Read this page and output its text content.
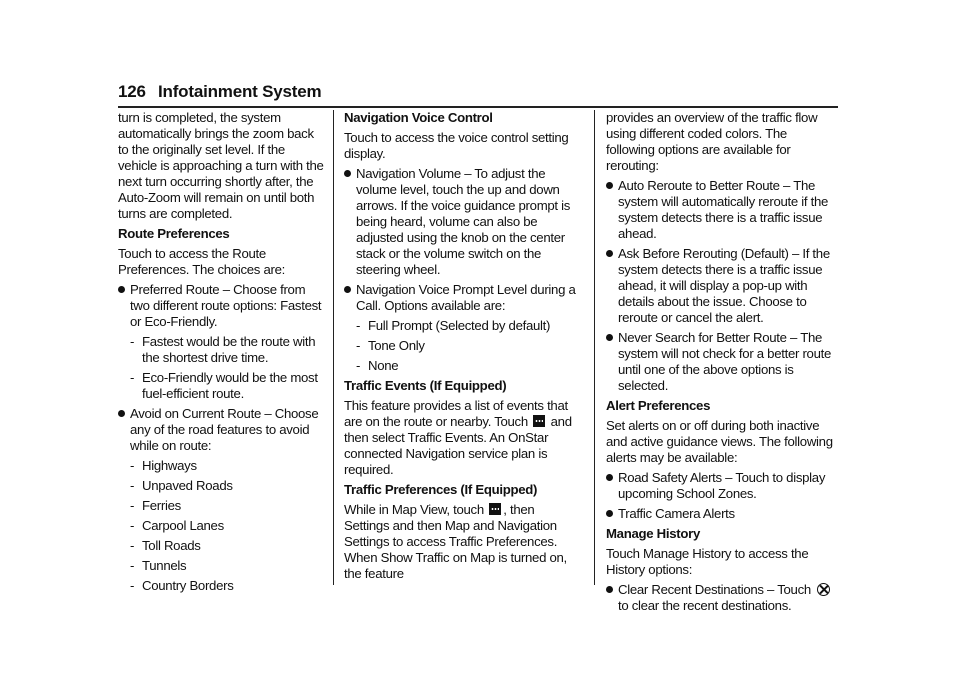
126 Infotainment System

turn is completed, the system automatically brings the zoom back to the originally set level. If the vehicle is approaching a turn with the next turn occurring shortly after, the Auto-Zoom will remain on until both turns are completed.

Route Preferences

Touch to access the Route Preferences. The choices are:

Preferred Route – Choose from two different route options: Fastest or Eco-Friendly.
- Fastest would be the route with the shortest drive time.
- Eco-Friendly would be the most fuel-efficient route.
Avoid on Current Route – Choose any of the road features to avoid while on route:
- Highways
- Unpaved Roads
- Ferries
- Carpool Lanes
- Toll Roads
- Tunnels
- Country Borders

Navigation Voice Control

Touch to access the voice control setting display.

Navigation Volume – To adjust the volume level, touch the up and down arrows. If the voice guidance prompt is being heard, volume can also be adjusted using the knob on the center stack or the volume switch on the steering wheel.
Navigation Voice Prompt Level during a Call. Options available are:
- Full Prompt (Selected by default)
- Tone Only
- None

Traffic Events (If Equipped)

This feature provides a list of events that are on the route or nearby. Touch and then select Traffic Events. An OnStar connected Navigation service plan is required.

Traffic Preferences (If Equipped)

While in Map View, touch , then Settings and then Map and Navigation Settings to access Traffic Preferences. When Show Traffic on Map is turned on, the feature

provides an overview of the traffic flow using different coded colors. The following options are available for rerouting:

Auto Reroute to Better Route – The system will automatically reroute if the system detects there is a traffic issue ahead.
Ask Before Rerouting (Default) – If the system detects there is a traffic issue ahead, it will display a pop-up with details about the issue. Choose to reroute or cancel the alert.
Never Search for Better Route – The system will not check for a better route until one of the above options is selected.

Alert Preferences

Set alerts on or off during both inactive and active guidance views. The following alerts may be available:

Road Safety Alerts – Touch to display upcoming School Zones.
Traffic Camera Alerts

Manage History

Touch Manage History to access the History options:

Clear Recent Destinations – Touch  to clear the recent destinations.
